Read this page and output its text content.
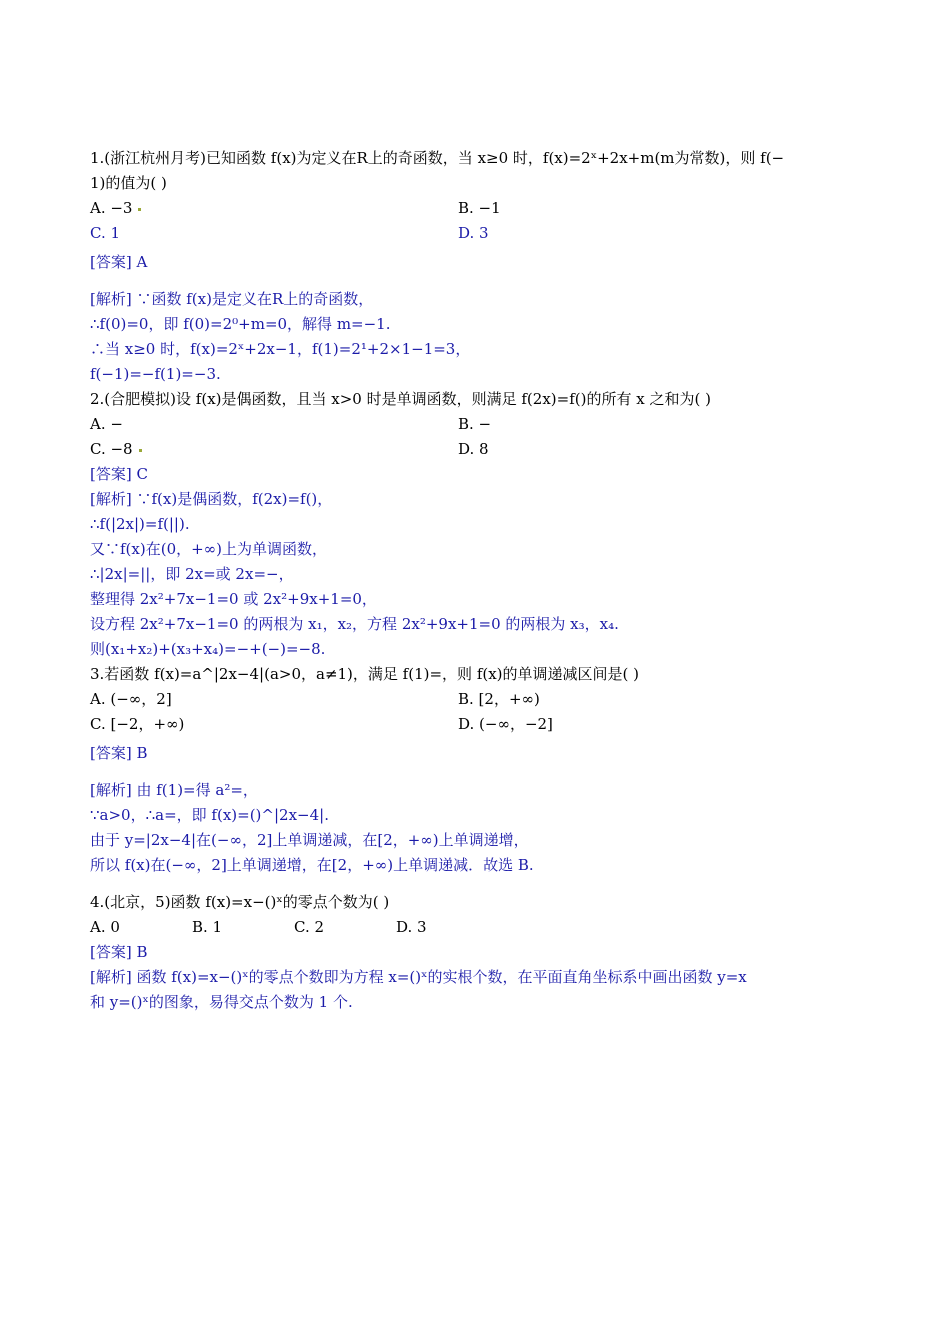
1.(浙江杭州月考)已知函数 f(x)为定义在R上的奇函数，当 x≥0 时，f(x)=2ˣ+2x+m(m为常数)，则 f(−
1)的值为( )
A. −3	B. −1
C. 1	D. 3
[答案] A
[解析] ∵函数 f(x)是定义在R上的奇函数，
∴f(0)=0，即 f(0)=2⁰+m=0，解得 m=−1.
∴当 x≥0 时，f(x)=2ˣ+2x−1，f(1)=2¹+2×1−1=3，
f(−1)=−f(1)=−3.
2.(合肥模拟)设 f(x)是偶函数，且当 x>0 时是单调函数，则满足 f(2x)=f()的所有 x 之和为( )
A. −	B. −
C. −8	D. 8
[答案] C
[解析] ∵f(x)是偶函数，f(2x)=f()，
∴f(|2x|)=f(||).
又∵f(x)在(0，+∞)上为单调函数，
∴|2x|=||，即 2x=或 2x=−，
整理得 2x²+7x−1=0 或 2x²+9x+1=0，
设方程 2x²+7x−1=0 的两根为 x₁，x₂，方程 2x²+9x+1=0 的两根为 x₃，x₄.
则(x₁+x₂)+(x₃+x₄)=−+(−)=−8.
3.若函数 f(x)=a^|2x−4|(a>0，a≠1)，满足 f(1)=，则 f(x)的单调递减区间是( )
A. (−∞，2]	B. [2，+∞)
C. [−2，+∞)	D. (−∞，−2]
[答案] B
[解析] 由 f(1)=得 a²=，
∵a>0，∴a=，即 f(x)=()^|2x−4|.
由于 y=|2x−4|在(−∞，2]上单调递减，在[2，+∞)上单调递增，
所以 f(x)在(−∞，2]上单调递增，在[2，+∞)上单调递减．故选 B.
4.(北京，5)函数 f(x)=x−()ˣ的零点个数为( )
A. 0	B. 1	C. 2	D. 3
[答案] B
[解析] 函数 f(x)=x−()ˣ的零点个数即为方程 x=()ˣ的实根个数，在平面直角坐标系中画出函数 y=x
和 y=()ˣ的图象，易得交点个数为 1 个.
